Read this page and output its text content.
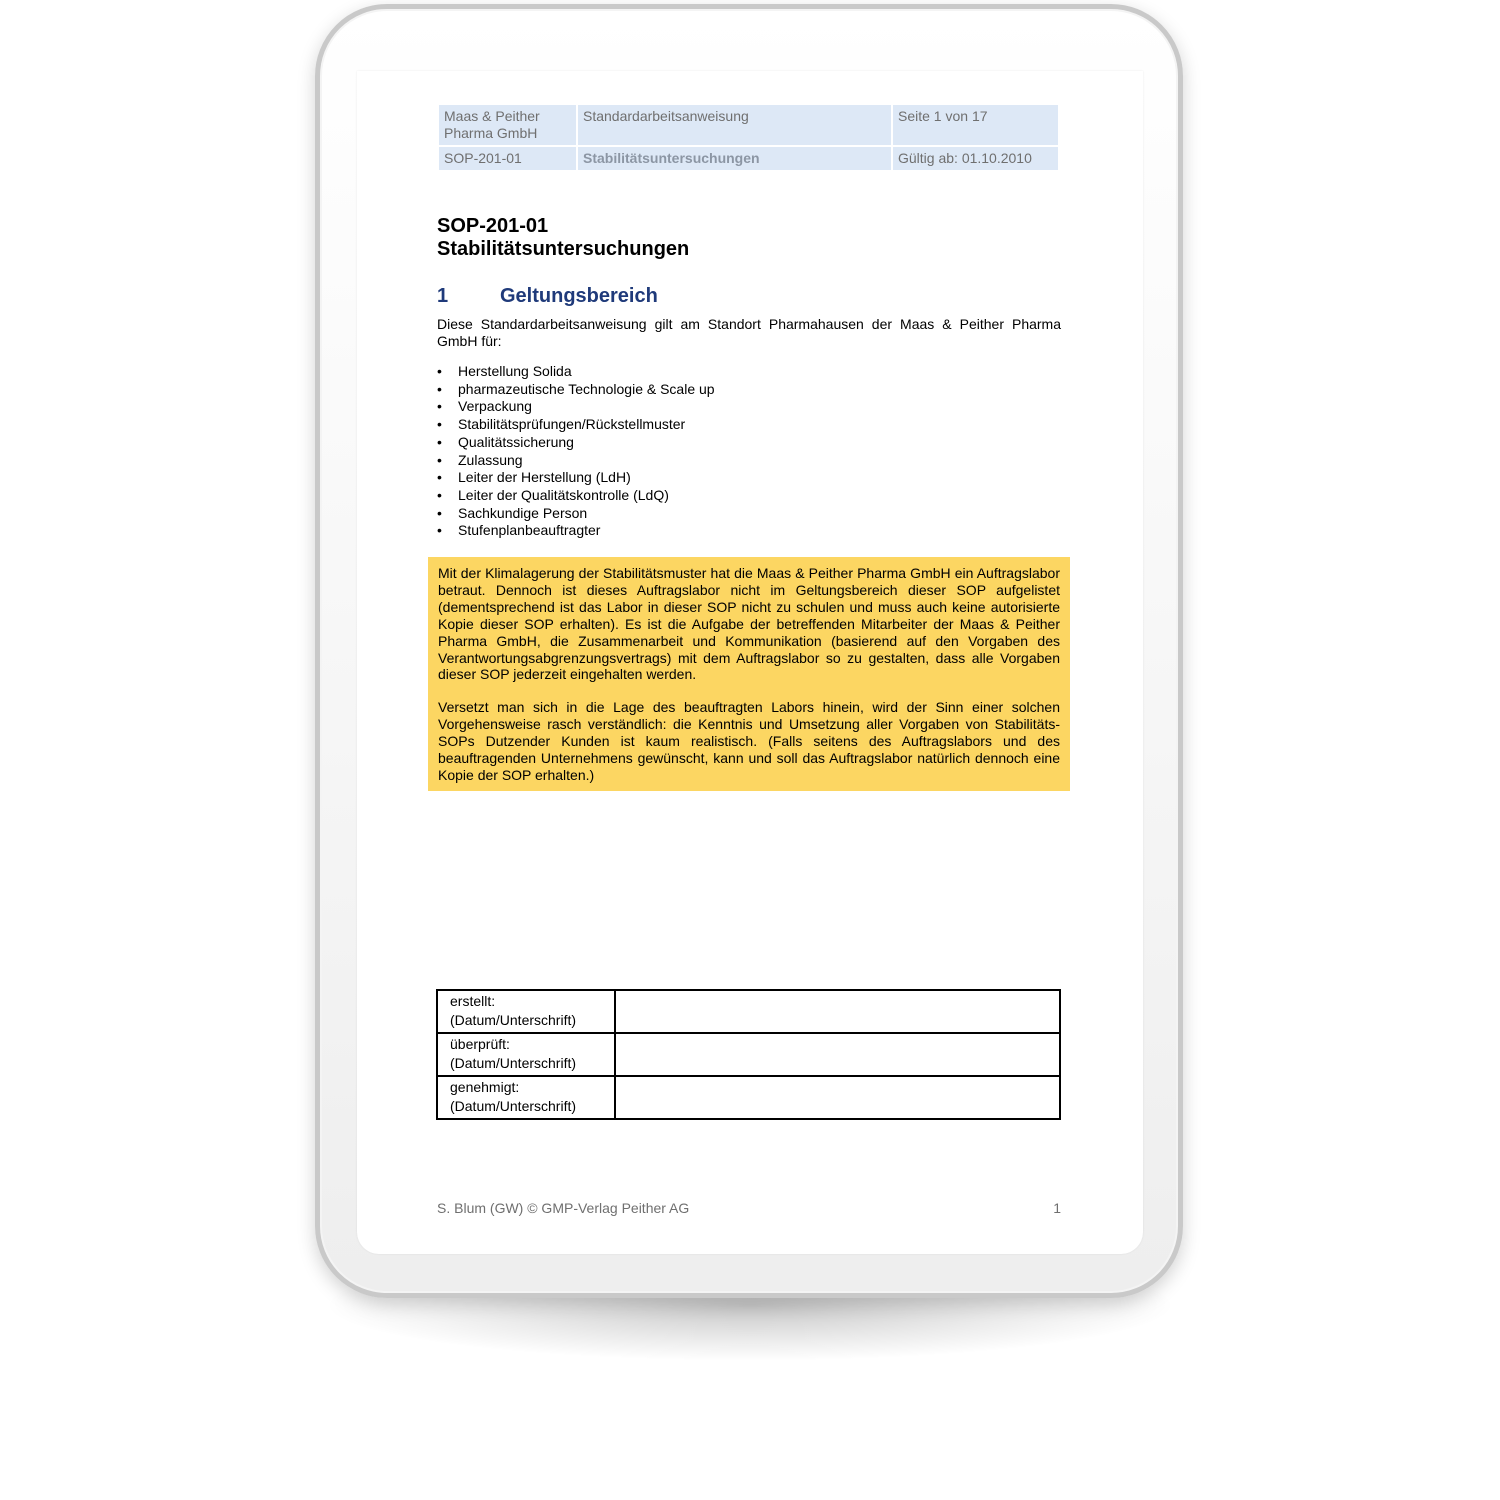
Maas & Peither Pharma GmbH	Standardarbeitsanweisung	Seite 1 von 17
SOP-201-01	Stabilitätsuntersuchungen	Gültig ab: 01.10.2010
SOP-201-01
Stabilitätsuntersuchungen
1	Geltungsbereich
Diese Standardarbeitsanweisung gilt am Standort Pharmahausen der Maas & Peither Pharma GmbH für:
• Herstellung Solida
• pharmazeutische Technologie & Scale up
• Verpackung
• Stabilitätsprüfungen/Rückstellmuster
• Qualitätssicherung
• Zulassung
• Leiter der Herstellung (LdH)
• Leiter der Qualitätskontrolle (LdQ)
• Sachkundige Person
• Stufenplanbeauftragter

Mit der Klimalagerung der Stabilitätsmuster hat die Maas & Peither Pharma GmbH ein Auftragslabor betraut. Dennoch ist dieses Auftragslabor nicht im Geltungsbereich dieser SOP aufgelistet (dementsprechend ist das Labor in dieser SOP nicht zu schulen und muss auch keine autorisierte Kopie dieser SOP erhalten). Es ist die Aufgabe der betreffenden Mitarbeiter der Maas & Peither Pharma GmbH, die Zusammenarbeit und Kommunikation (basierend auf den Vorgaben des Verantwortungsabgrenzungsvertrags) mit dem Auftragslabor so zu gestalten, dass alle Vorgaben dieser SOP jederzeit eingehalten werden.

Versetzt man sich in die Lage des beauftragten Labors hinein, wird der Sinn einer solchen Vorgehensweise rasch verständlich: die Kenntnis und Umsetzung aller Vorgaben von Stabilitäts-SOPs Dutzender Kunden ist kaum realistisch. (Falls seitens des Auftragslabors und des beauftragenden Unternehmens gewünscht, kann und soll das Auftragslabor natürlich dennoch eine Kopie der SOP erhalten.)

erstellt:
(Datum/Unterschrift)	

überprüft:
(Datum/Unterschrift)	

genehmigt:
(Datum/Unterschrift)	

S. Blum (GW) © GMP-Verlag Peither AG	1
